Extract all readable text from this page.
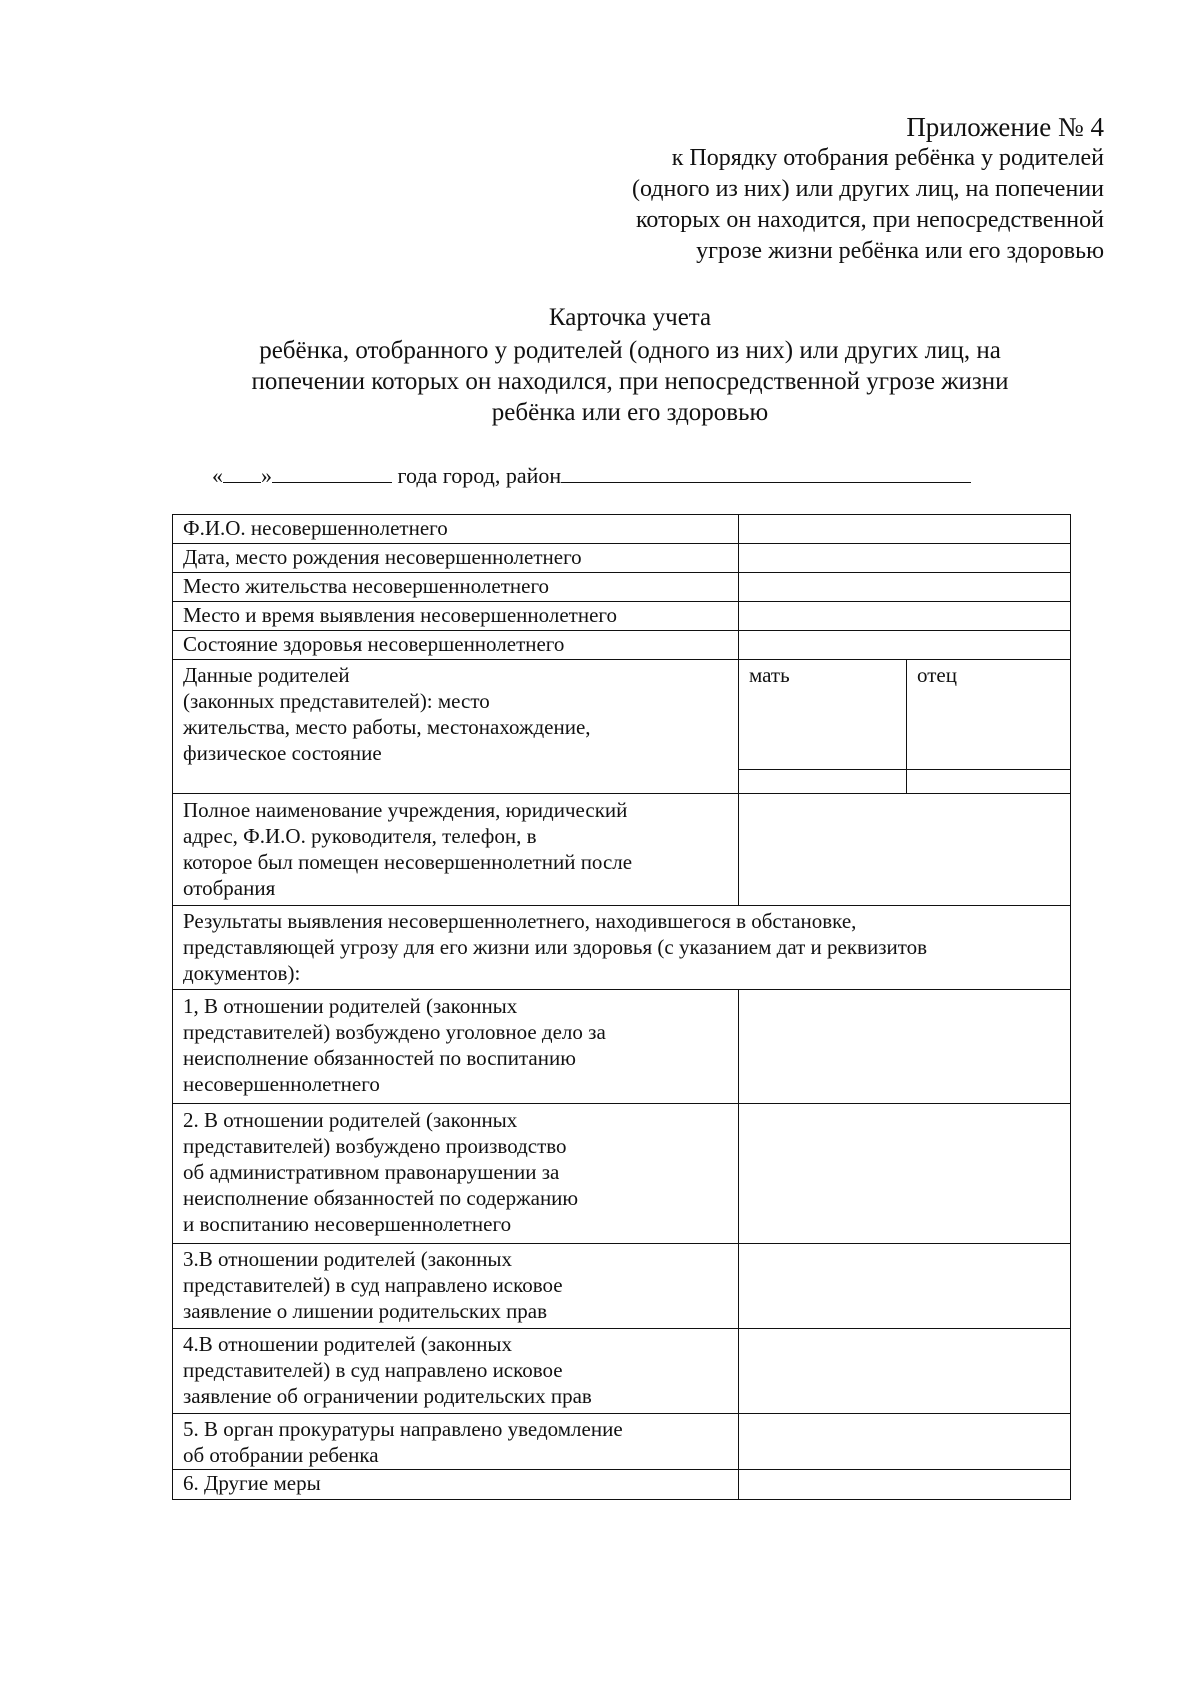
Приложение № 4
к Порядку отобрания ребёнка у родителей
(одного из них) или других лиц, на попечении
которых он находится, при непосредственной
угрозе жизни ребёнка или его здоровью
Карточка учета
ребёнка, отобранного у родителей (одного из них) или других лиц, на
попечении которых он находился, при непосредственной угрозе жизни
ребёнка или его здоровью
« »	года город, район
Ф.И.О. несовершеннолетнего		
Дата, место рождения несовершеннолетнего		
Место жительства несовершеннолетнего		
Место и время выявления несовершеннолетнего		
Состояние здоровья несовершеннолетнего		

Данные родителей
(законных представителей): место
жительства, место работы, местонахождение,
физическое состояние	мать	отец

Полное наименование учреждения, юридический
адрес, Ф.И.О. руководителя, телефон, в
которое был помещен несовершеннолетний после
отобрания		

Результаты выявления несовершеннолетнего, находившегося в обстановке,
представляющей угрозу для его жизни или здоровья (с указанием дат и реквизитов
документов):		

1, В отношении родителей (законных
представителей) возбуждено уголовное дело за
неисполнение обязанностей по воспитанию
несовершеннолетнего		

2. В отношении родителей (законных
представителей) возбуждено производство
об административном правонарушении за
неисполнение обязанностей по содержанию
и воспитанию несовершеннолетнего		

3.В отношении родителей (законных
представителей) в суд направлено исковое
заявление о лишении родительских прав		

4.В отношении родителей (законных
представителей) в суд направлено исковое
заявление об ограничении родительских прав		

5. В орган прокуратуры направлено уведомление
об отобрании ребенка		

6. Другие меры		
